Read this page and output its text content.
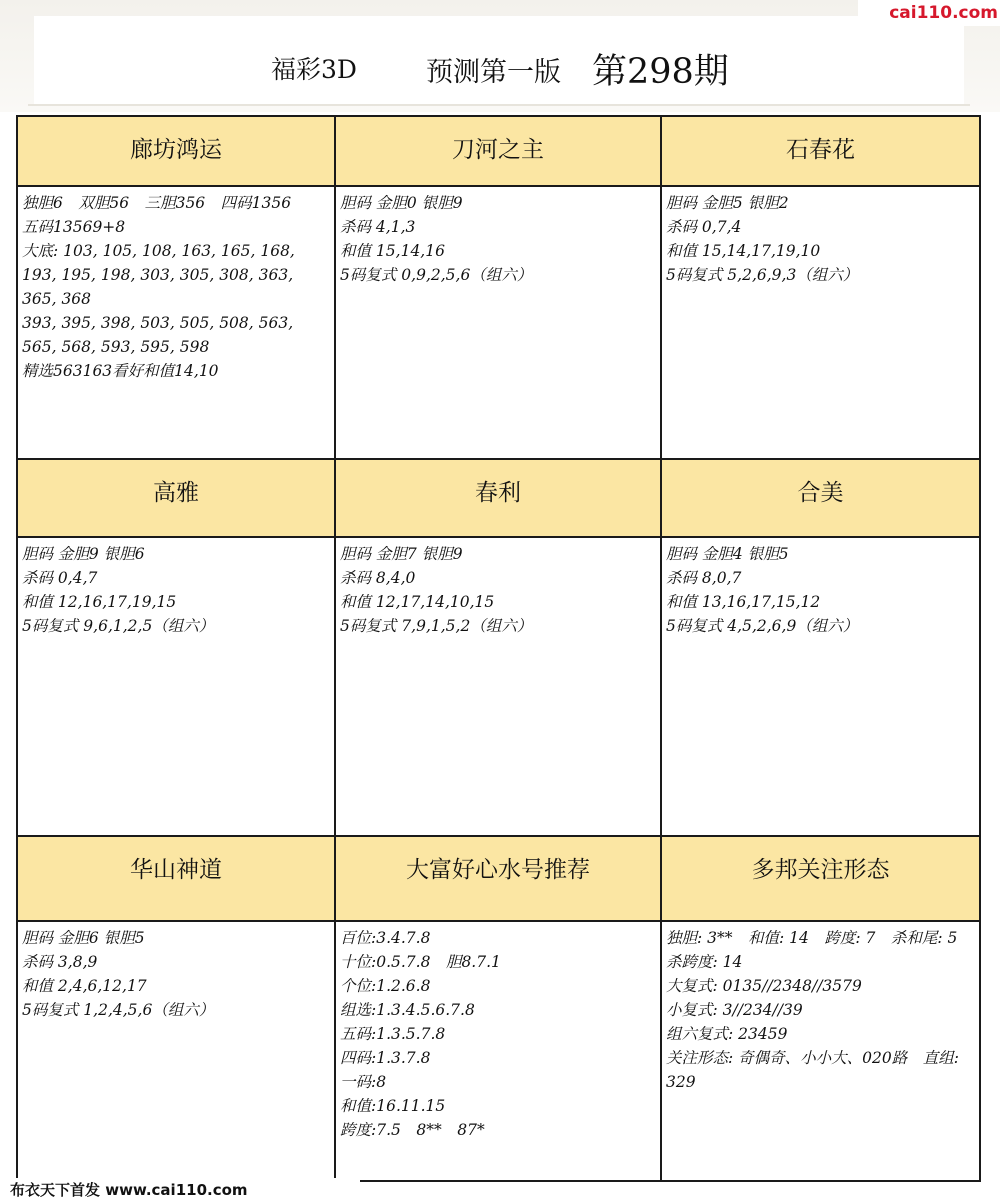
福彩3D	预测第一版 第298期
cai110.com
廊坊鸿运	刀河之主	石春花
独胆6　双胆56　三胆356　四码1356
五码13569+8
大底: 103, 105, 108, 163, 165, 168, 193, 195, 198, 303, 305, 308, 363, 365, 368
393, 395, 398, 503, 505, 508, 563, 565, 568, 593, 595, 598
精选563163看好和值14,10
胆码 金胆0 银胆9
杀码 4,1,3
和值 15,14,16
5码复式 0,9,2,5,6（组六）
胆码 金胆5 银胆2
杀码 0,7,4
和值 15,14,17,19,10
5码复式 5,2,6,9,3（组六）
高雅	春利	合美
胆码 金胆9 银胆6
杀码 0,4,7
和值 12,16,17,19,15
5码复式 9,6,1,2,5（组六）
胆码 金胆7 银胆9
杀码 8,4,0
和值 12,17,14,10,15
5码复式 7,9,1,5,2（组六）
胆码 金胆4 银胆5
杀码 8,0,7
和值 13,16,17,15,12
5码复式 4,5,2,6,9（组六）
华山神道	大富好心水号推荐	多邦关注形态
胆码 金胆6 银胆5
杀码 3,8,9
和值 2,4,6,12,17
5码复式 1,2,4,5,6（组六）
百位:3.4.7.8
十位:0.5.7.8　胆8.7.1
个位:1.2.6.8
组选:1.3.4.5.6.7.8
五码:1.3.5.7.8
四码:1.3.7.8
一码:8
和值:16.11.15
跨度:7.5　8**　87*
独胆: 3**　和值: 14　跨度: 7　杀和尾: 5　杀跨度: 14
大复式: 0135//2348//3579
小复式: 3//234//39
组六复式: 23459
关注形态: 奇偶奇、小小大、020路　直组: 329
布衣天下首发 www.cai110.com
